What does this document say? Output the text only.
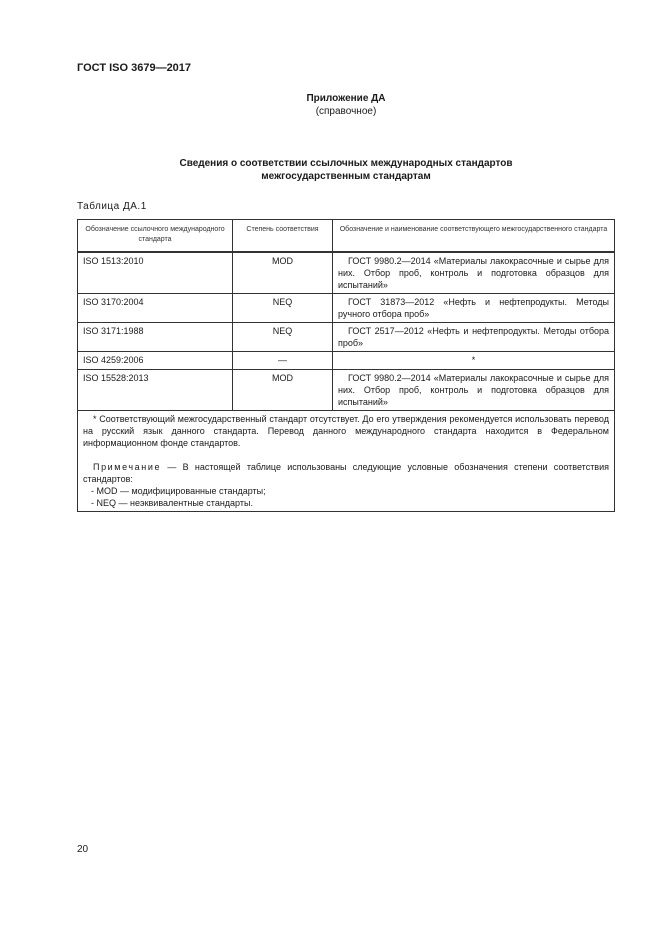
ГОСТ ISO 3679—2017
Приложение ДА
(справочное)
Сведения о соответствии ссылочных международных стандартов
межгосударственным стандартам
Таблица ДА.1
Обозначение ссылочного международного стандарта	Степень соответствия	Обозначение и наименование соответствующего межгосударственного стандарта
ISO 1513:2010	MOD	ГОСТ 9980.2—2014 «Материалы лакокрасочные и сырье для них. Отбор проб, контроль и подготовка образцов для испытаний»
ISO 3170:2004	NEQ	ГОСТ 31873—2012 «Нефть и нефтепродукты. Методы ручного отбора проб»
ISO 3171:1988	NEQ	ГОСТ 2517—2012 «Нефть и нефтепродукты. Методы отбора проб»
ISO 4259:2006	—	*
ISO 15528:2013	MOD	ГОСТ 9980.2—2014 «Материалы лакокрасочные и сырье для них. Отбор проб, контроль и подготовка образцов для испытаний»

* Соответствующий межгосударственный стандарт отсутствует. До его утверждения рекомендуется использовать перевод на русский язык данного стандарта. Перевод данного международного стандарта находится в Федеральном информационном фонде стандартов.

Примечание — В настоящей таблице использованы следующие условные обозначения степени соответствия стандартов:

- MOD — модифицированные стандарты;

- NEQ — неэквивалентные стандарты.		

20
